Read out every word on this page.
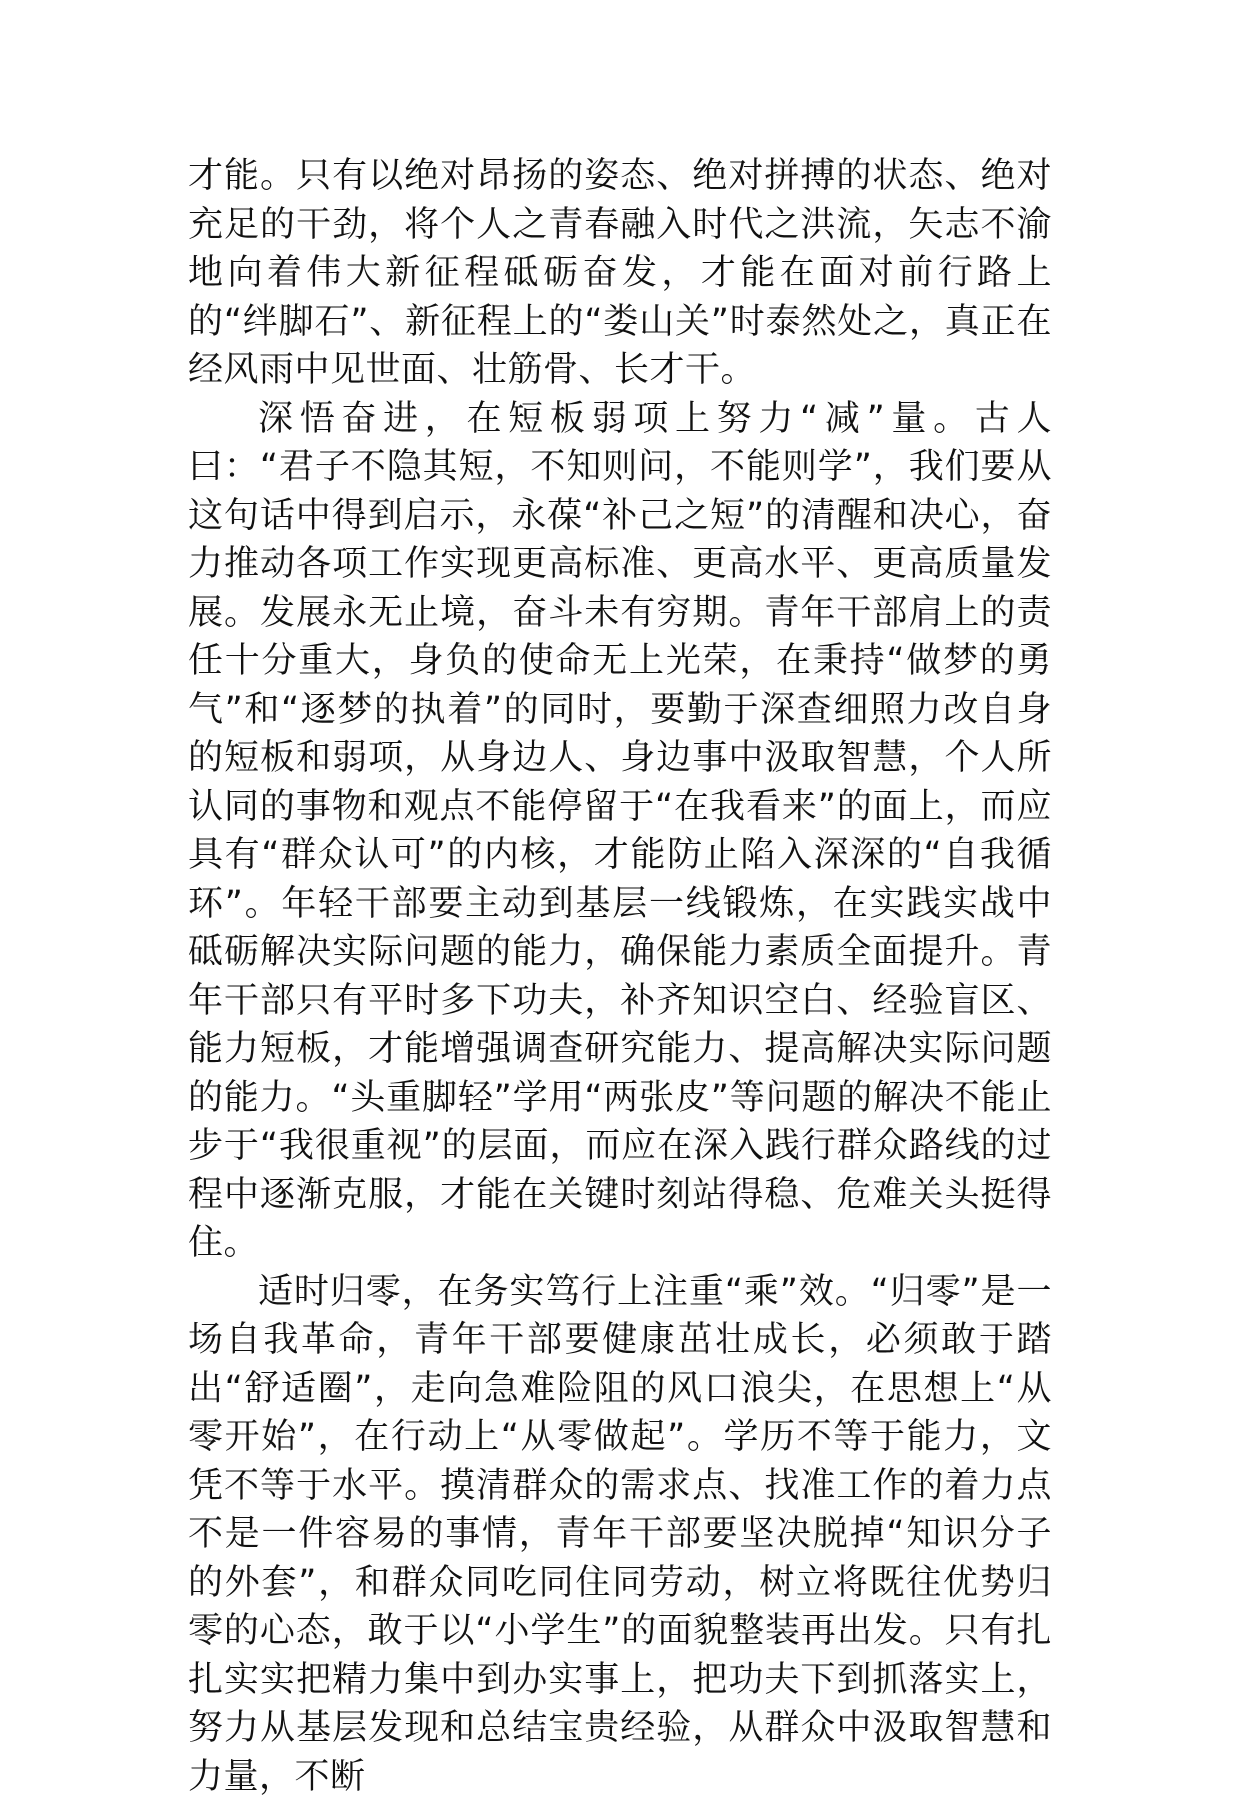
才能。只有以绝对昂扬的姿态、绝对拼搏的状态、绝对充足的干劲，将个人之青春融入时代之洪流，矢志不渝地向着伟大新征程砥砺奋发，才能在面对前行路上的“绊脚石”、新征程上的“娄山关”时泰然处之，真正在经风雨中见世面、壮筋骨、长才干。

深悟奋进，在短板弱项上努力“减”量。古人曰：“君子不隐其短，不知则问，不能则学”，我们要从这句话中得到启示，永葆“补己之短”的清醒和决心，奋力推动各项工作实现更高标准、更高水平、更高质量发展。发展永无止境，奋斗未有穷期。青年干部肩上的责任十分重大，身负的使命无上光荣，在秉持“做梦的勇气”和“逐梦的执着”的同时，要勤于深查细照力改自身的短板和弱项，从身边人、身边事中汲取智慧，个人所认同的事物和观点不能停留于“在我看来”的面上，而应具有“群众认可”的内核，才能防止陷入深深的“自我循环”。年轻干部要主动到基层一线锻炼，在实践实战中砥砺解决实际问题的能力，确保能力素质全面提升。青年干部只有平时多下功夫，补齐知识空白、经验盲区、能力短板，才能增强调查研究能力、提高解决实际问题的能力。“头重脚轻”学用“两张皮”等问题的解决不能止步于“我很重视”的层面，而应在深入践行群众路线的过程中逐渐克服，才能在关键时刻站得稳、危难关头挺得住。

适时归零，在务实笃行上注重“乘”效。“归零”是一场自我革命，青年干部要健康茁壮成长，必须敢于踏出“舒适圈”，走向急难险阻的风口浪尖，在思想上“从零开始”，在行动上“从零做起”。学历不等于能力，文凭不等于水平。摸清群众的需求点、找准工作的着力点不是一件容易的事情，青年干部要坚决脱掉“知识分子的外套”，和群众同吃同住同劳动，树立将既往优势归零的心态，敢于以“小学生”的面貌整装再出发。只有扎扎实实把精力集中到办实事上，把功夫下到抓落实上，努力从基层发现和总结宝贵经验，从群众中汲取智慧和力量，不断
